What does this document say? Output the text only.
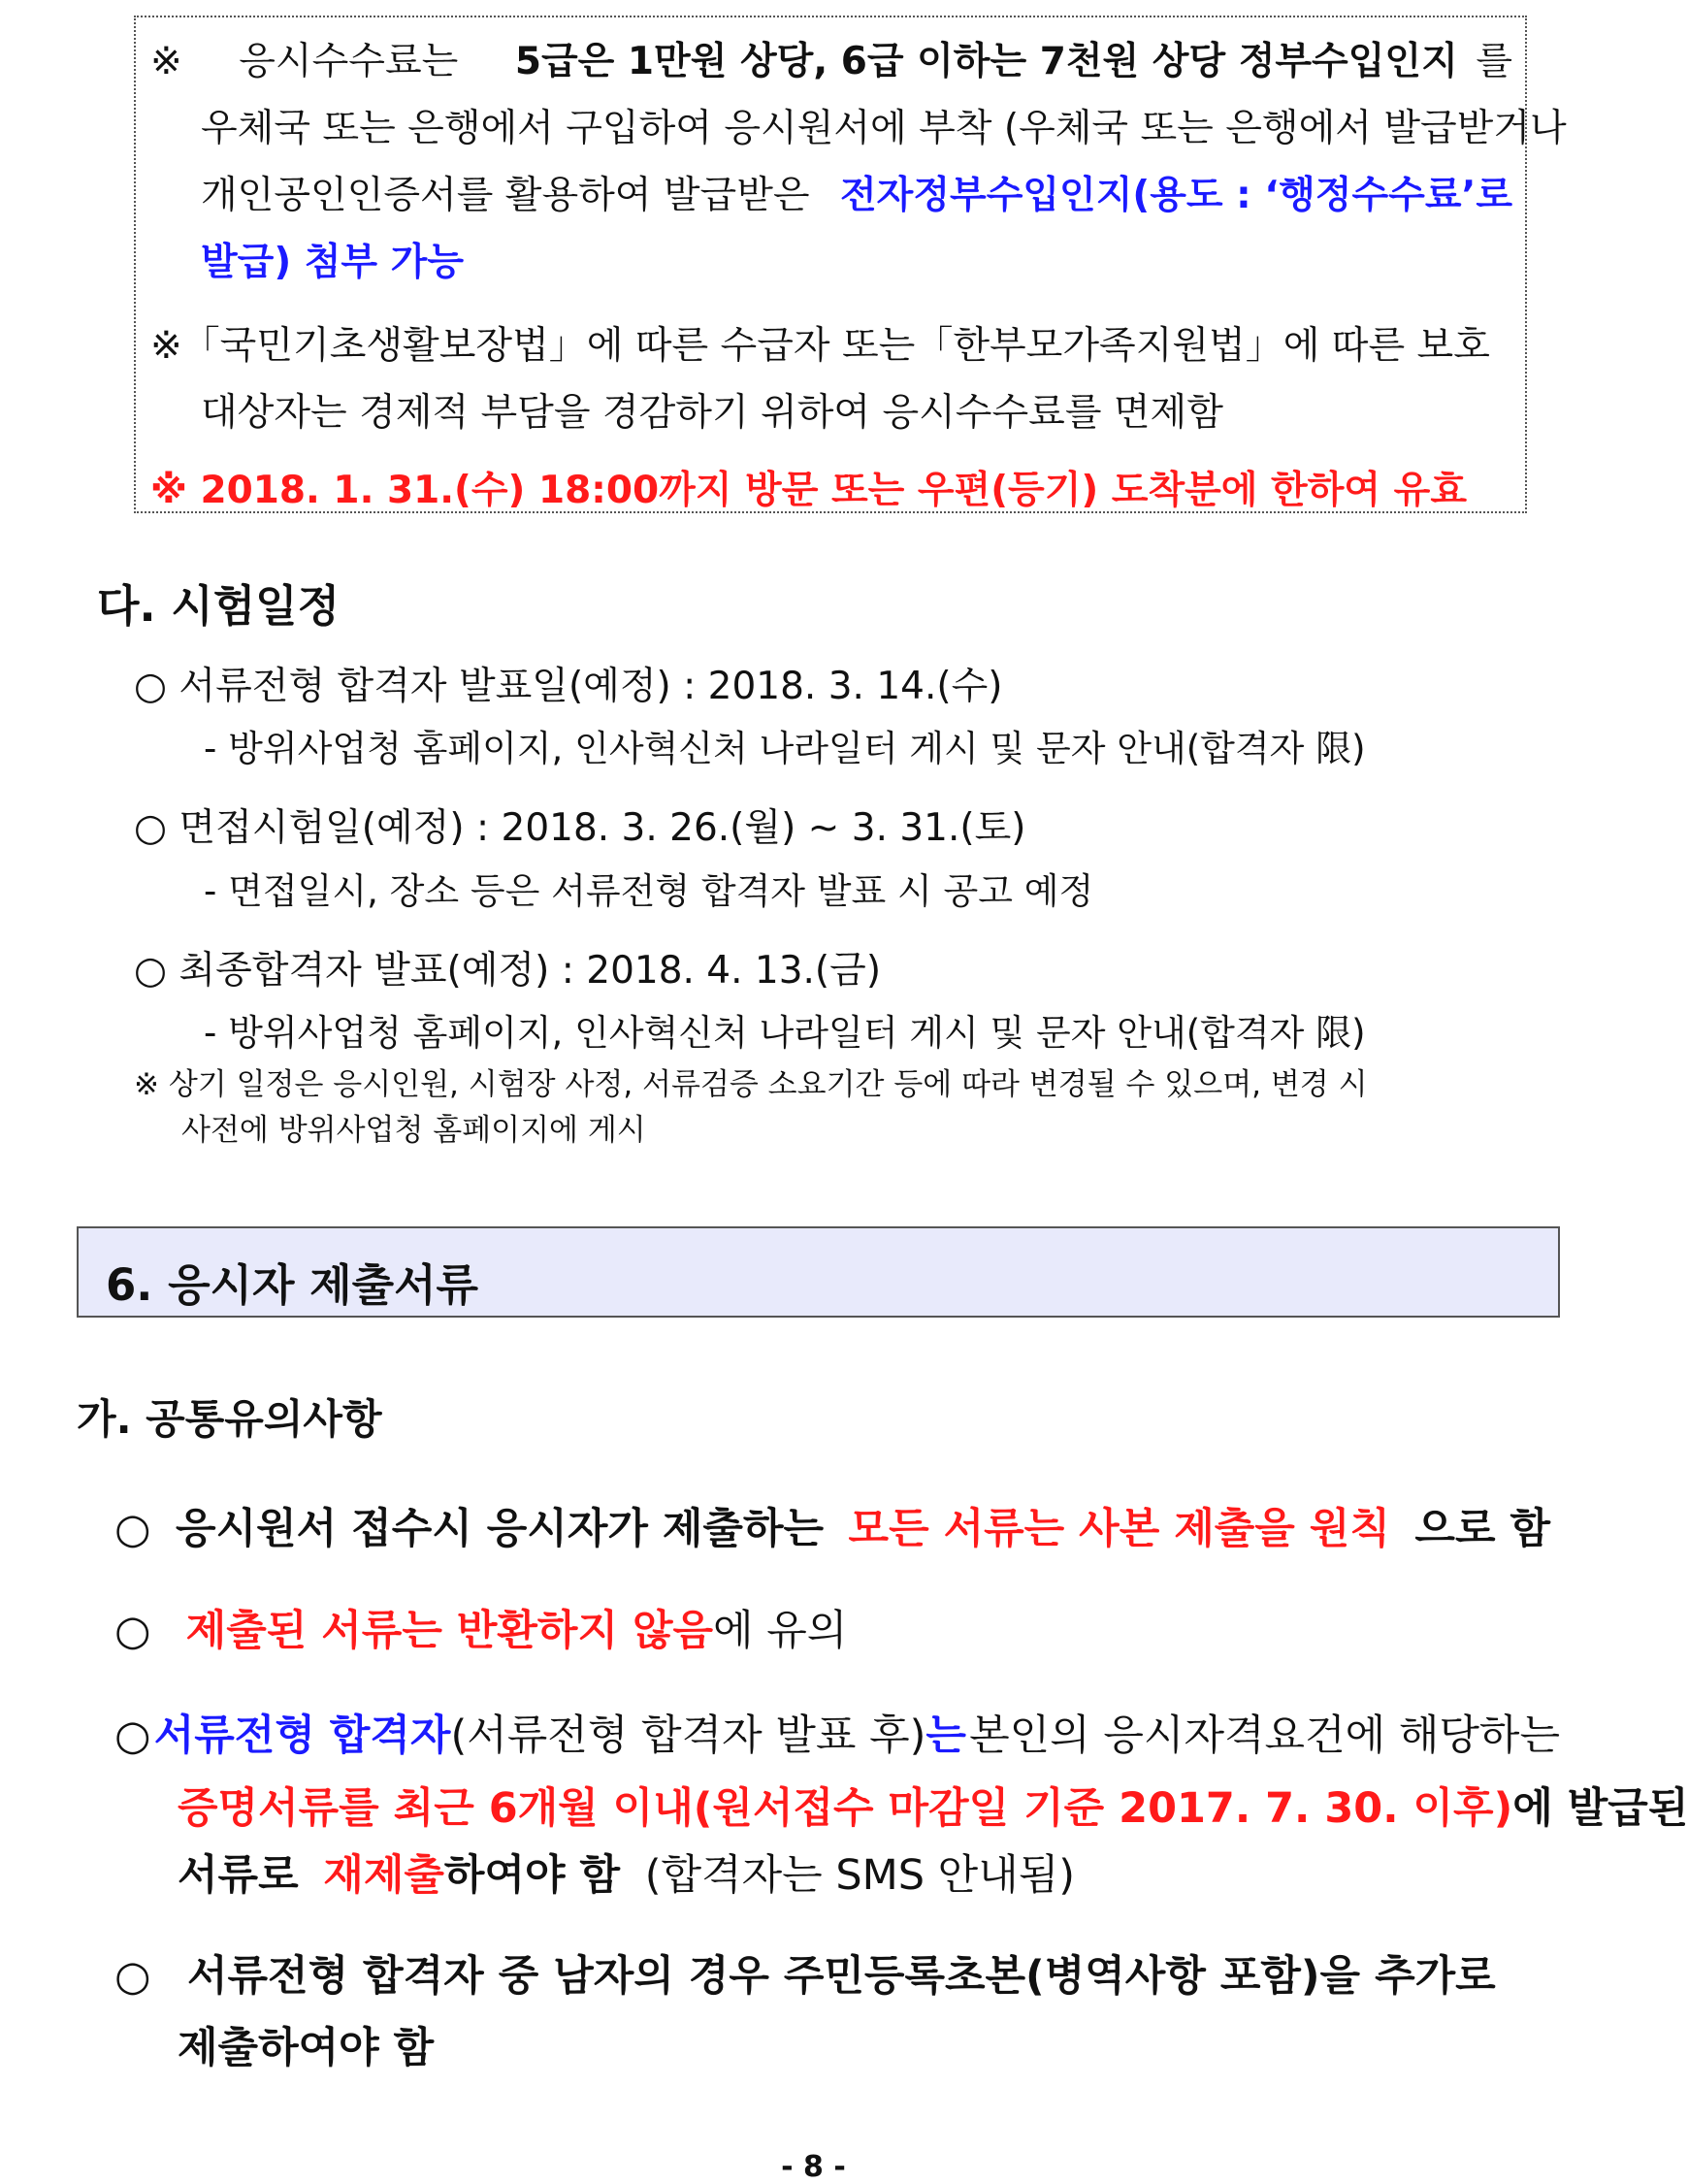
※ 응시수수료는 5급은 1만원 상당, 6급 이하는 7천원 상당 정부수입인지 를
우체국 또는 은행에서 구입하여 응시원서에 부착 (우체국 또는 은행에서 발급받거나
개인공인인증서를 활용하여 발급받은 전자정부수입인지(용도 : ‘행정수수료’로
발급) 첨부 가능
※「국민기초생활보장법」에 따른 수급자 또는「한부모가족지원법」에 따른 보호
대상자는 경제적 부담을 경감하기 위하여 응시수수료를 면제함
※ 2018. 1. 31.(수) 18:00까지 방문 또는 우편(등기) 도착분에 한하여 유효
다. 시험일정
○ 서류전형 합격자 발표일(예정) : 2018. 3. 14.(수)
- 방위사업청 홈페이지, 인사혁신처 나라일터 게시 및 문자 안내(합격자 限)
○ 면접시험일(예정) : 2018. 3. 26.(월) ~ 3. 31.(토)
- 면접일시, 장소 등은 서류전형 합격자 발표 시 공고 예정
○ 최종합격자 발표(예정) : 2018. 4. 13.(금)
- 방위사업청 홈페이지, 인사혁신처 나라일터 게시 및 문자 안내(합격자 限)
※ 상기 일정은 응시인원, 시험장 사정, 서류검증 소요기간 등에 따라 변경될 수 있으며, 변경 시
사전에 방위사업청 홈페이지에 게시
6. 응시자 제출서류
가. 공통유의사항
○ 응시원서 접수시 응시자가 제출하는 모든 서류는 사본 제출을 원칙 으로 함
○ 제출된 서류는 반환하지 않음에 유의
○ 서류전형 합격자(서류전형 합격자 발표 후)는 본인의 응시자격요건에 해당하는
증명서류를 최근 6개월 이내(원서접수 마감일 기준 2017. 7. 30. 이후) 에 발급된
서류로 재제출하여야 함 (합격자는 SMS 안내됨)
○ 서류전형 합격자 중 남자의 경우 주민등록초본(병역사항 포함)을 추가로
제출하여야 함
- 8 -
